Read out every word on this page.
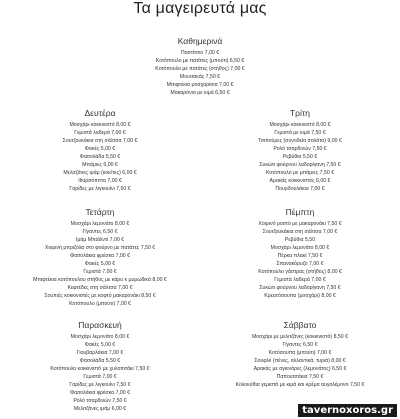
Τα μαγειρευτά μας
Καθημερινά
Παστίτσιο 7,00 €
Κοτόπουλο με πατάτες (μπούτι) 6,50 €
Κοτόπουλο με πατάτες (στήθος) 7,00 €
Μουσακάς 7,50 €
Μπιφτέκια μοσχαρίσια 7,00 €
Μακαρόνια με κιμά 6,50 €
Δευτέρα
Μοσχάρι κοκκινιστό 8,00 €
Γεμιστά λαδερά 7,00 €
Σουτζουκάκια στη σάλτσα 7,00 €
Φακές 5,00 €
Φασολάδα 5,50 €
Μπάμιες 6,00 €
Μελιτζάνες ιμάμ (κοκ/τες) 6,00 €
Φαρσόπιττα 7,00 €
Γαρίδες με λιγκουίνι 7,50 €
Τρίτη
Μοσχάρι κοκκινιστό 8,00 €
Γεμιστά με κιμά 7,50 €
Τσιπούρες (συνοδεία σαλάτα) 9,00 €
Ρολό τσαρδινών 7,50 €
Ρεβύθια 5,50 €
Συκώτι φούρνου λαδορίγανη 7,50 €
Κοτόπουλο με μπάμιες 7,50 €
Αρακάς κοκκινιστός 6,00 €
Πουρδουλάκια 7,00 €
Τετάρτη
Μοσχάρι λεμονάτο 8,00 €
Γίγαντες 6,50 €
Ιμάμ Μπαϊλντί 7,00 €
Χοιρινή μπριζόλα στο φούρνο με πατάτες 7,50 €
Φασολάκια φρέσκα 7,00 €
Φακές 5,00 €
Γεμιστά 7,00 €
Μπιφτέκια κοτόπουλου στήθος με κάρυ κ μυρωδικά 8,00 €
Κεφτέδες στη σάλτσα 7,00 €
Σουπιές κοκκινιστές με κοφτό μακαρονάκι 8,50 €
Κοτόπουλο (μπούτι) 7,00 €
Πέμπτη
Χοιρινό ρoστό με μακαρονάκι 7,50 €
Σουτζουκάκια στη σάλτσα 7,00 €
Ρεβύθια 5,50
Μοσχάρι λεμονάτο 8,00 €
Πέρκα πλακί 7,50 €
Σπανακόρυζο 7,00 €
Κοτόπουλο γάστρας (στήθος) 8,00 €
Γεμιστά λαδερά 7,00 €
Συκώτι φούρνου λαδορίγανη 7,50 €
Κρεατόσουπα (μοσχάρι) 8,00 €
Παρασκευή
Μοσχάρι λεμονάτο 8,00 €
Φακές 5,00 €
Γιουβαρλάκια 7,00 €
Φασολάδα 5,50 €
Κοτόπουλο κοκκινιστό με χυλοπιτάκι 7,50 €
Γεμιστά 7,00 €
Γαρίδες με λιγκουίνι 7,50 €
Φασολάκια φρέσκα 7,00 €
Ρολό τσαρδινών 7,50 €
Μελιτζάνες ιμάμ 6,00 €
Σάββατο
Μοσχάρι με μελιτζάνες (κοκκινιστό) 8,50 €
Γίγαντες 6,50 €
Κοτόσουπα (μπούτι) 7,00 €
Σουφλέ (πένες, αλλαντικά, τυριά) 8,00 €
Αρακάς με αγκινάρες (λεμονάτος) 6,50 €
Παπουτσάκια 7,50 €
Κολοκύθια γεμιστά με κιμά και κρέμα αυγολέμονο 7,50 €
tavernoxoros.gr
